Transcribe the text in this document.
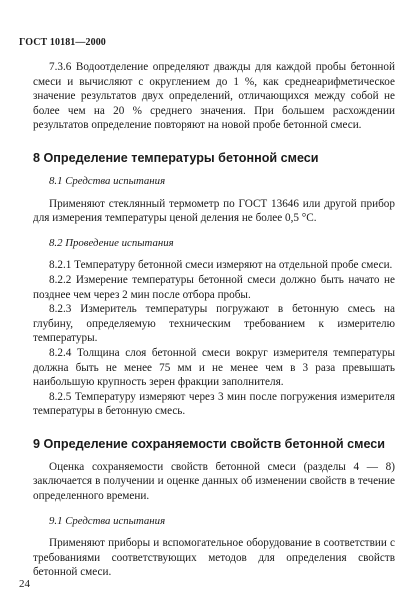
ГОСТ 10181—2000

7.3.6 Водоотделение определяют дважды для каждой пробы бетонной смеси и вычисляют с округлением до 1 %, как среднеарифметическое значение результатов двух определений, отличающихся между собой не более чем на 20 % среднего значения. При большем расхождении результатов определение повторяют на новой пробе бетонной смеси.

8 Определение температуры бетонной смеси
8.1 Средства испытания

Применяют стеклянный термометр по ГОСТ 13646 или другой прибор для измерения температуры ценой деления не более 0,5 °С.

8.2 Проведение испытания

8.2.1 Температуру бетонной смеси измеряют на отдельной пробе смеси.

8.2.2 Измерение температуры бетонной смеси должно быть начато не позднее чем через 2 мин после отбора пробы.

8.2.3 Измеритель температуры погружают в бетонную смесь на глубину, определяемую техническим требованием к измерителю температуры.

8.2.4 Толщина слоя бетонной смеси вокруг измерителя температуры должна быть не менее 75 мм и не менее чем в 3 раза превышать наибольшую крупность зерен фракции заполнителя.

8.2.5 Температуру измеряют через 3 мин после погружения измерителя температуры в бетонную смесь.

9 Определение сохраняемости свойств бетонной смеси

Оценка сохраняемости свойств бетонной смеси (разделы 4 — 8) заключается в получении и оценке данных об изменении свойств в течение определенного времени.

9.1 Средства испытания

Применяют приборы и вспомогательное оборудование в соответствии с требованиями соответствующих методов для определения свойств бетонной смеси.

24
